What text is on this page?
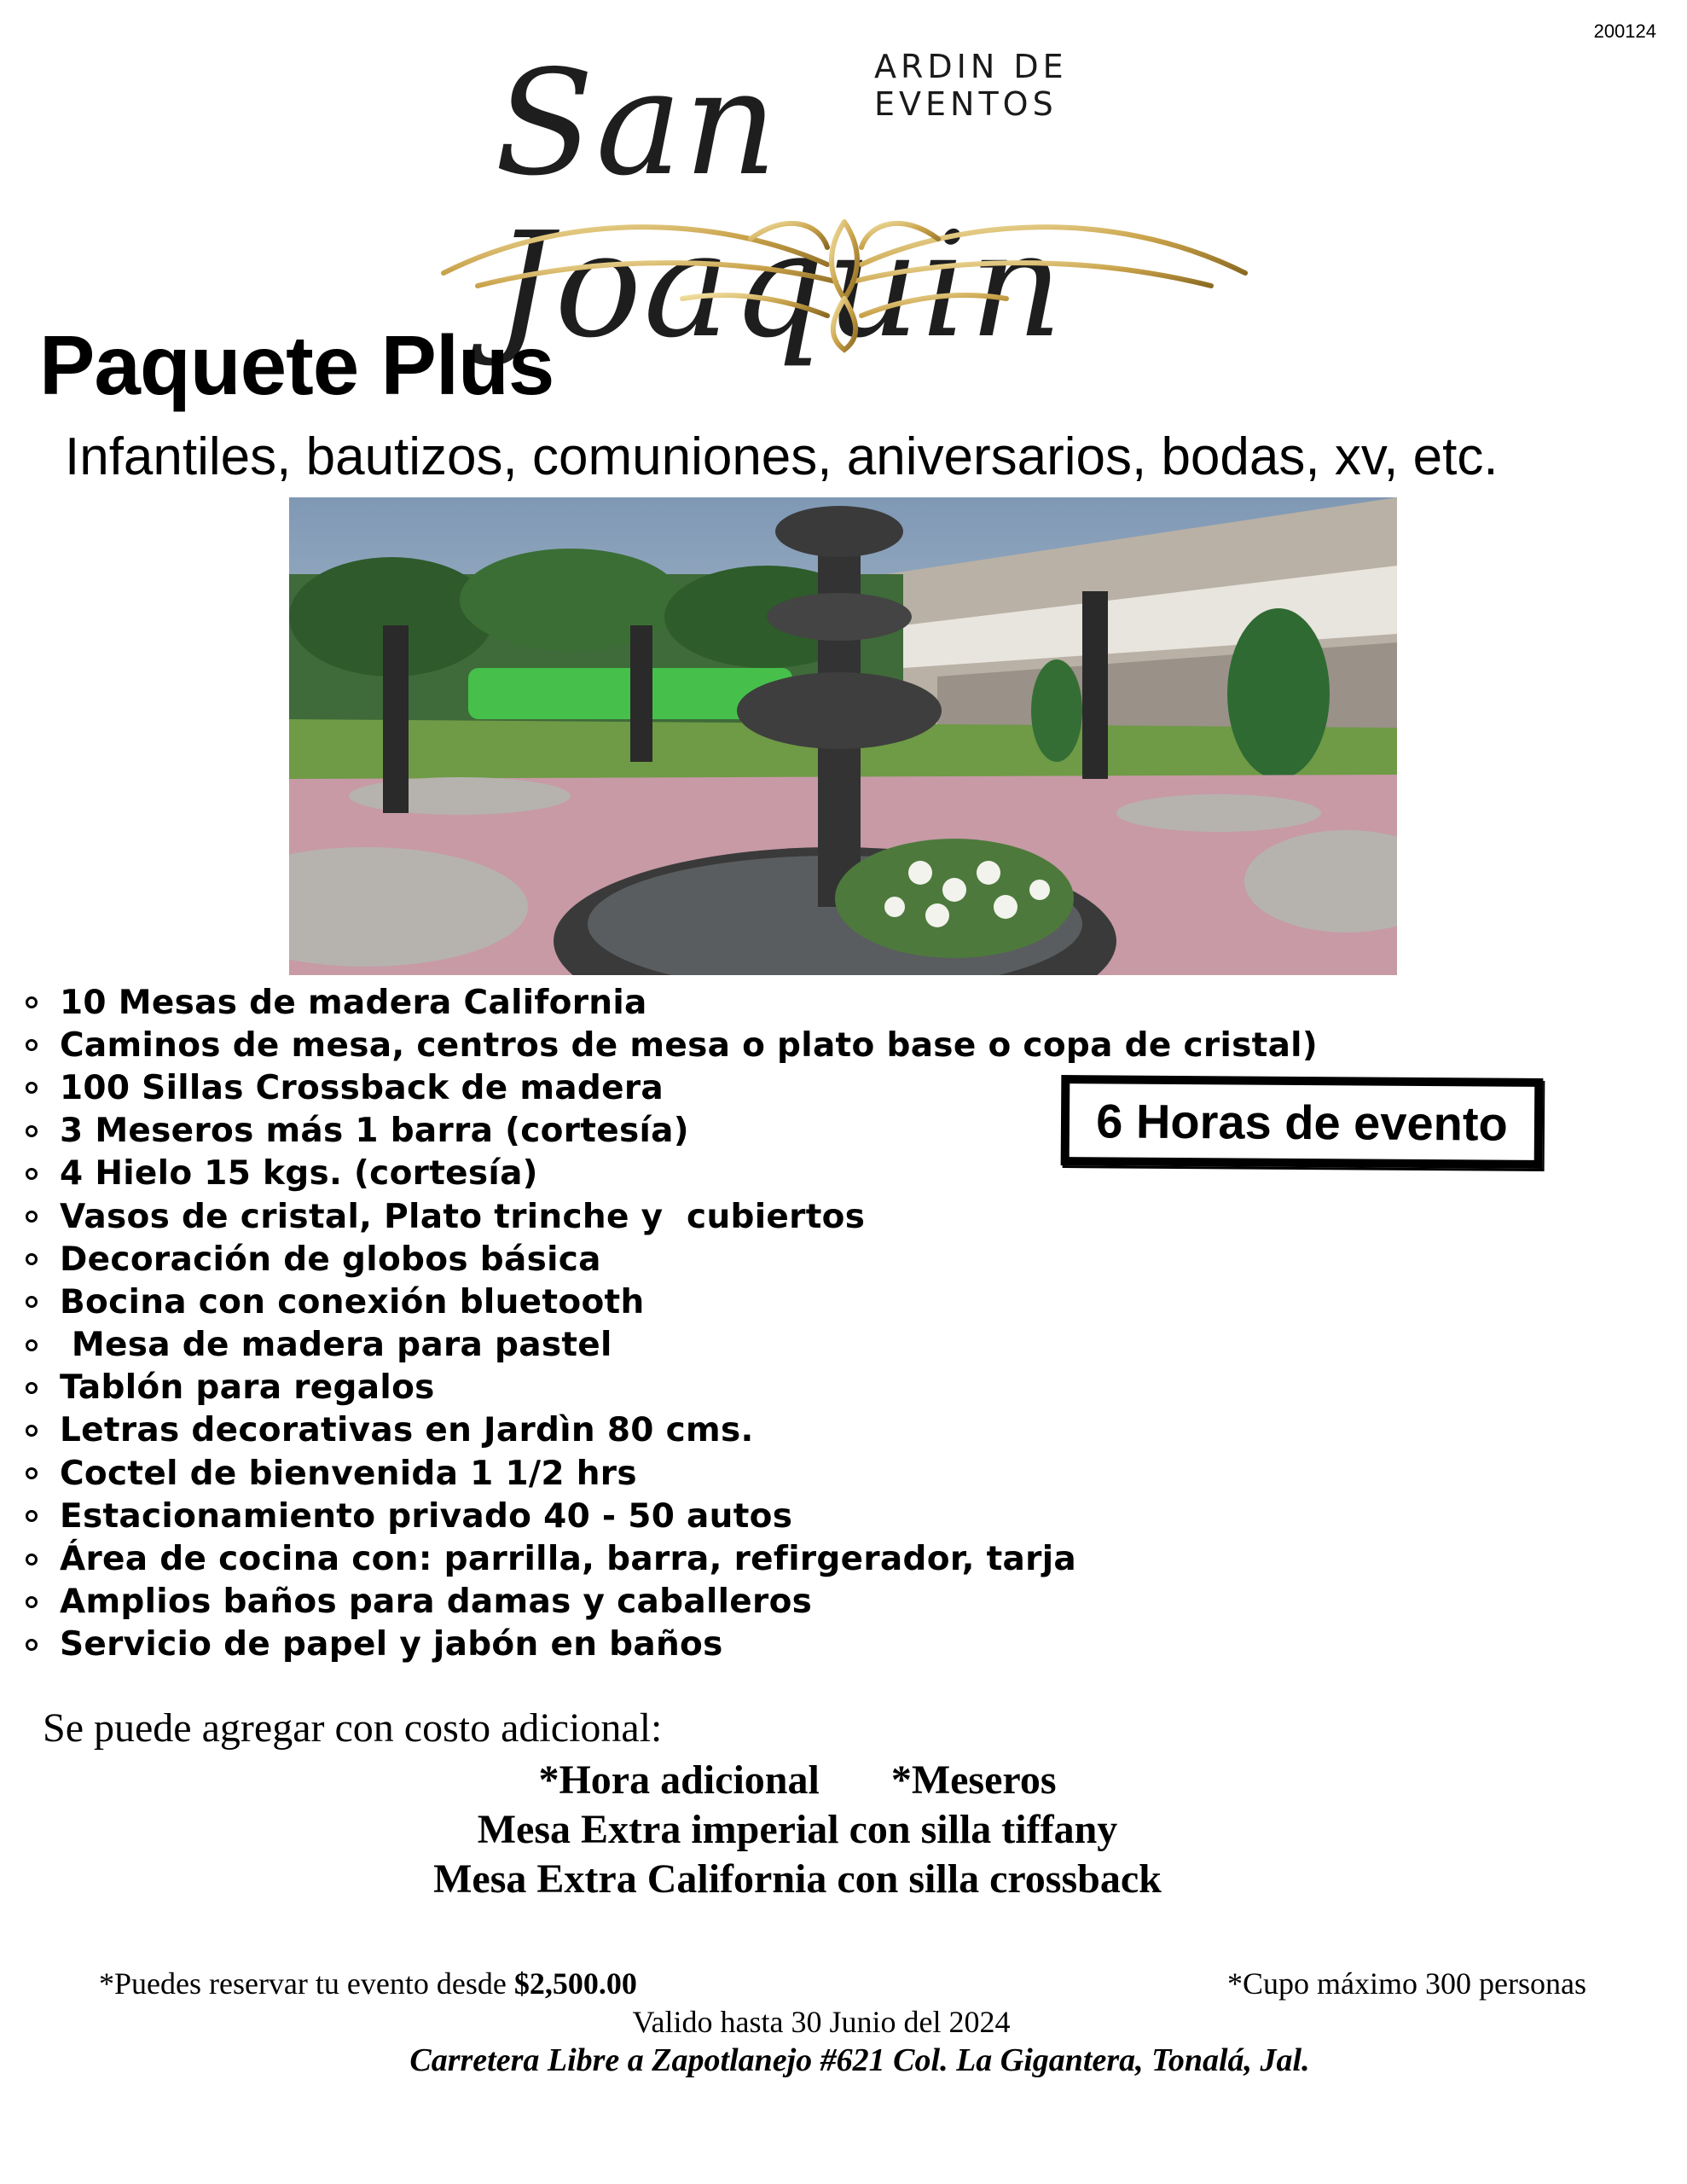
200124
San Joaquin
ARDIN DE EVENTOS
Paquete Plus
Infantiles, bautizos, comuniones, aniversarios, bodas, xv, etc.
6 Horas de evento
10 Mesas de madera California
Caminos de mesa, centros de mesa o plato base o copa de cristal)
100 Sillas Crossback de madera
3 Meseros más 1 barra (cortesía)
4 Hielo 15 kgs. (cortesía)
Vasos de cristal, Plato trinche y  cubiertos
Decoración de globos básica
Bocina con conexión bluetooth
Mesa de madera para pastel
Tablón para regalos
Letras decorativas en Jardìn 80 cms.
Coctel de bienvenida 1 1/2 hrs
Estacionamiento privado 40 - 50 autos
Área de cocina con: parrilla, barra, refirgerador, tarja
Amplios baños para damas y caballeros
Servicio de papel y jabón en baños
Se puede agregar con costo adicional:
*Hora adicional       *Meseros
Mesa Extra imperial con silla tiffany
Mesa Extra California con silla crossback
*Puedes reservar tu evento desde $2,500.00	*Cupo máximo 300 personas
Valido hasta 30 Junio del 2024
Carretera Libre a Zapotlanejo #621 Col. La Gigantera, Tonalá, Jal.
